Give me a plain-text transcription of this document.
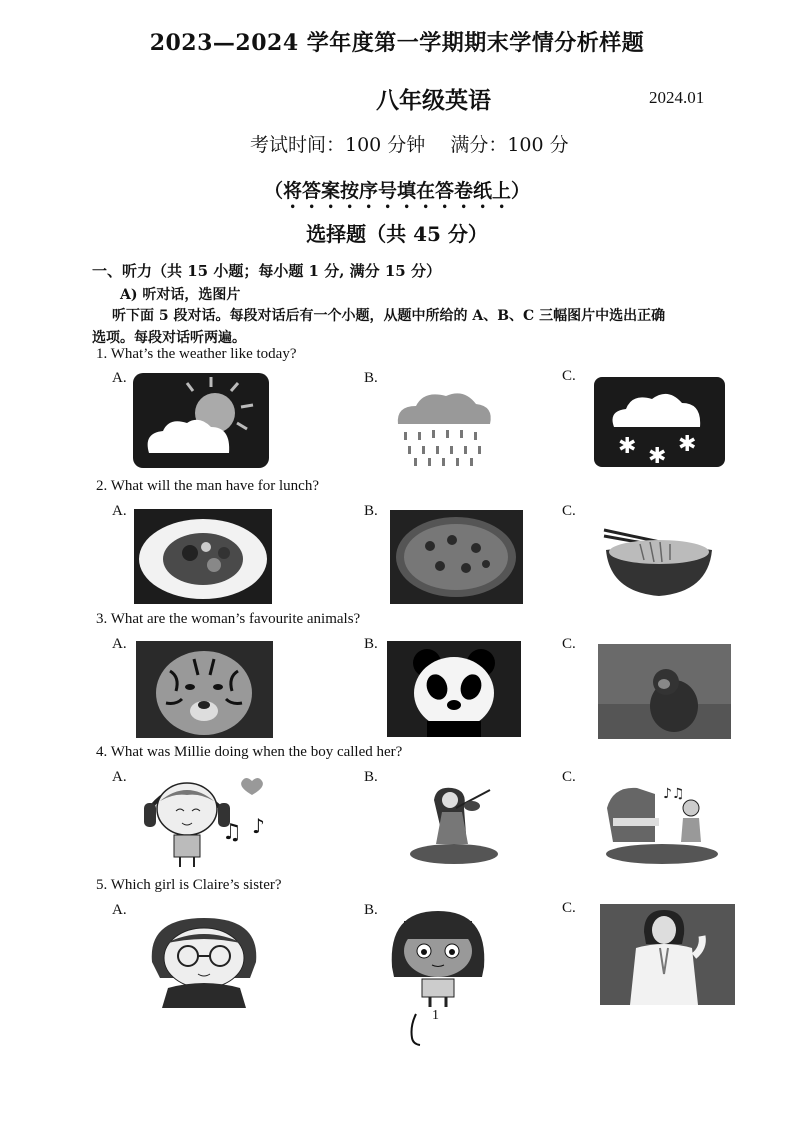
2023—2024 学年度第一学期期末学情分析样题
八年级英语	2024.01
考试时间：100 分钟　 满分：100 分
（将答案按序号填在答卷纸上）
选择题（共 45 分）
一、听力（共 15 小题；每小题 1 分, 满分 15 分）
A) 听对话，选图片
听下面 5 段对话。每段对话后有一个小题，从题中所给的 A、B、C 三幅图片中选出正确
选项。每段对话听两遍。
1. What’s the weather like today?
A.	B.	C.
✱ ✱ ✱
2. What will the man have for lunch?
A.	B.	C.
3. What are the woman’s favourite animals?
A.	B.	C.
4. What was Millie doing when the boy called her?
A.	B.	C.
♫ ♪
♪♫
5. Which girl is Claire’s sister?
A.	B.	C.
1
